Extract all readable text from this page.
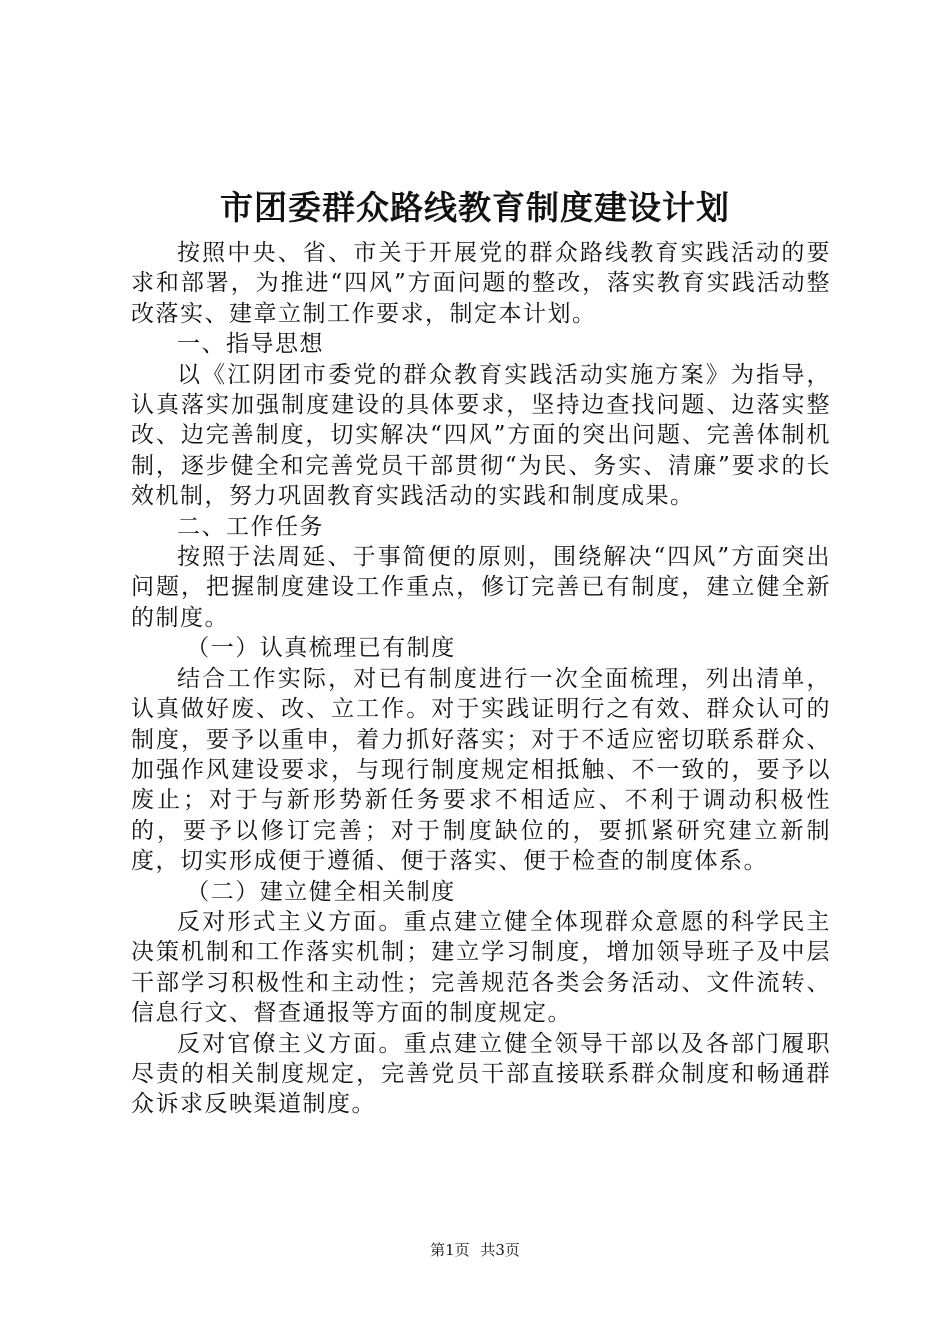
市团委群众路线教育制度建设计划

按照中央、省、市关于开展党的群众路线教育实践活动的要求和部署，为推进“四风”方面问题的整改，落实教育实践活动整改落实、建章立制工作要求，制定本计划。

一、指导思想

以《江阴团市委党的群众教育实践活动实施方案》为指导，认真落实加强制度建设的具体要求，坚持边查找问题、边落实整改、边完善制度，切实解决“四风”方面的突出问题、完善体制机制，逐步健全和完善党员干部贯彻“为民、务实、清廉”要求的长效机制，努力巩固教育实践活动的实践和制度成果。

二、工作任务

按照于法周延、于事简便的原则，围绕解决“四风”方面突出问题，把握制度建设工作重点，修订完善已有制度，建立健全新的制度。

（一）认真梳理已有制度

结合工作实际，对已有制度进行一次全面梳理，列出清单，认真做好废、改、立工作。对于实践证明行之有效、群众认可的制度，要予以重申，着力抓好落实；对于不适应密切联系群众、加强作风建设要求，与现行制度规定相抵触、不一致的，要予以废止；对于与新形势新任务要求不相适应、不利于调动积极性的，要予以修订完善；对于制度缺位的，要抓紧研究建立新制度，切实形成便于遵循、便于落实、便于检查的制度体系。

（二）建立健全相关制度

反对形式主义方面。重点建立健全体现群众意愿的科学民主决策机制和工作落实机制；建立学习制度，增加领导班子及中层干部学习积极性和主动性；完善规范各类会务活动、文件流转、信息行文、督查通报等方面的制度规定。

反对官僚主义方面。重点建立健全领导干部以及各部门履职尽责的相关制度规定，完善党员干部直接联系群众制度和畅通群众诉求反映渠道制度。

第1页 共3页
